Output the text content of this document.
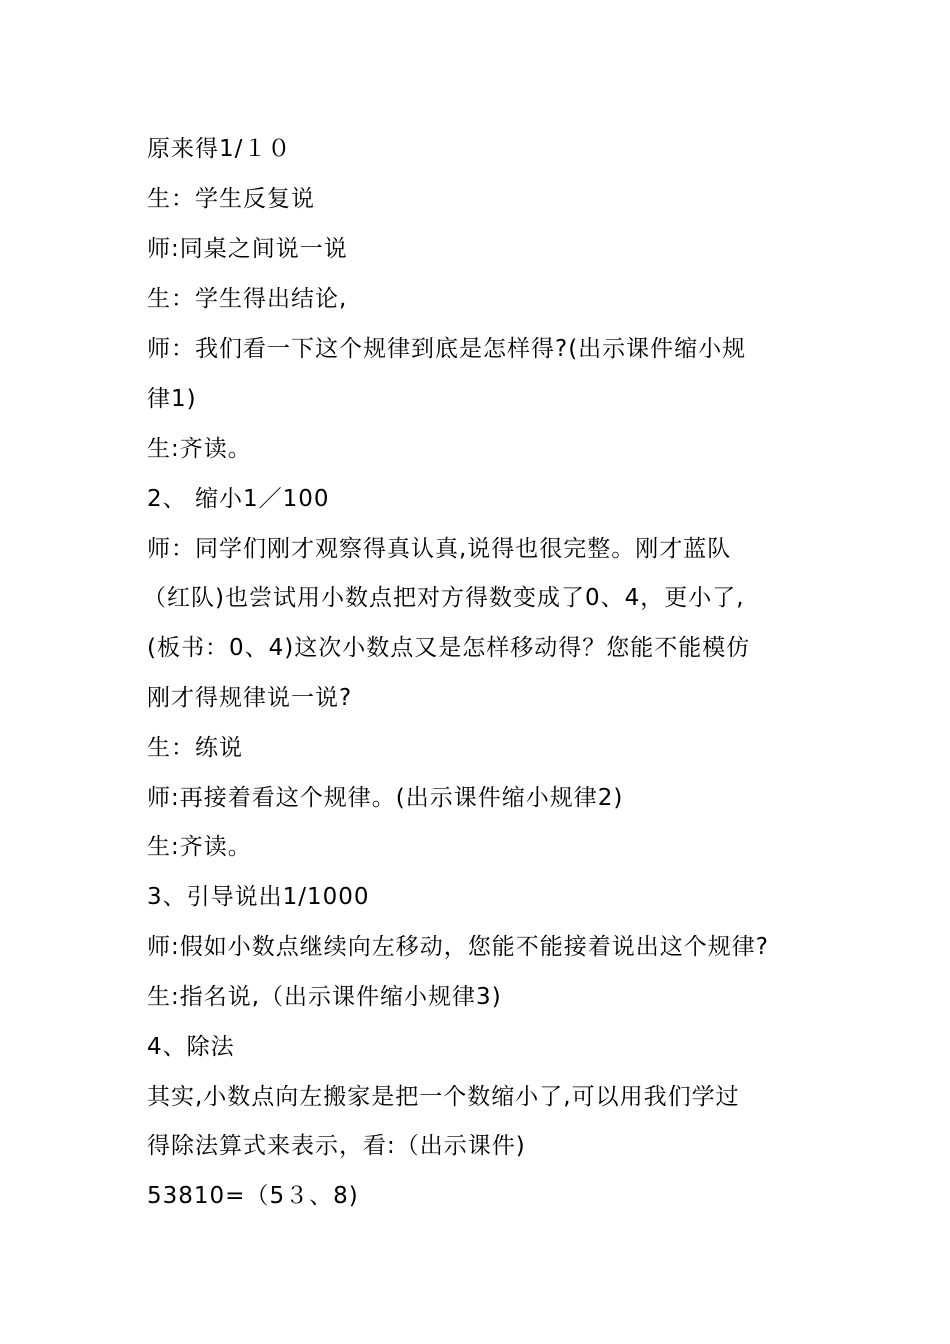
原来得1/１０
生：学生反复说
师:同桌之间说一说
生：学生得出结论,
师：我们看一下这个规律到底是怎样得?(出示课件缩小规
律1)
生:齐读。
2、 缩小1／100
师：同学们刚才观察得真认真,说得也很完整。刚才蓝队
（红队)也尝试用小数点把对方得数变成了0、4，更小了,
(板书：0、4)这次小数点又是怎样移动得？您能不能模仿
刚才得规律说一说?
生：练说
师:再接着看这个规律。(出示课件缩小规律2)
生:齐读。
3、引导说出1/1000
师:假如小数点继续向左移动，您能不能接着说出这个规律?
生:指名说,（出示课件缩小规律3)
4、除法
其实,小数点向左搬家是把一个数缩小了,可以用我们学过
得除法算式来表示，看:（出示课件)
53810=（5３、8)
